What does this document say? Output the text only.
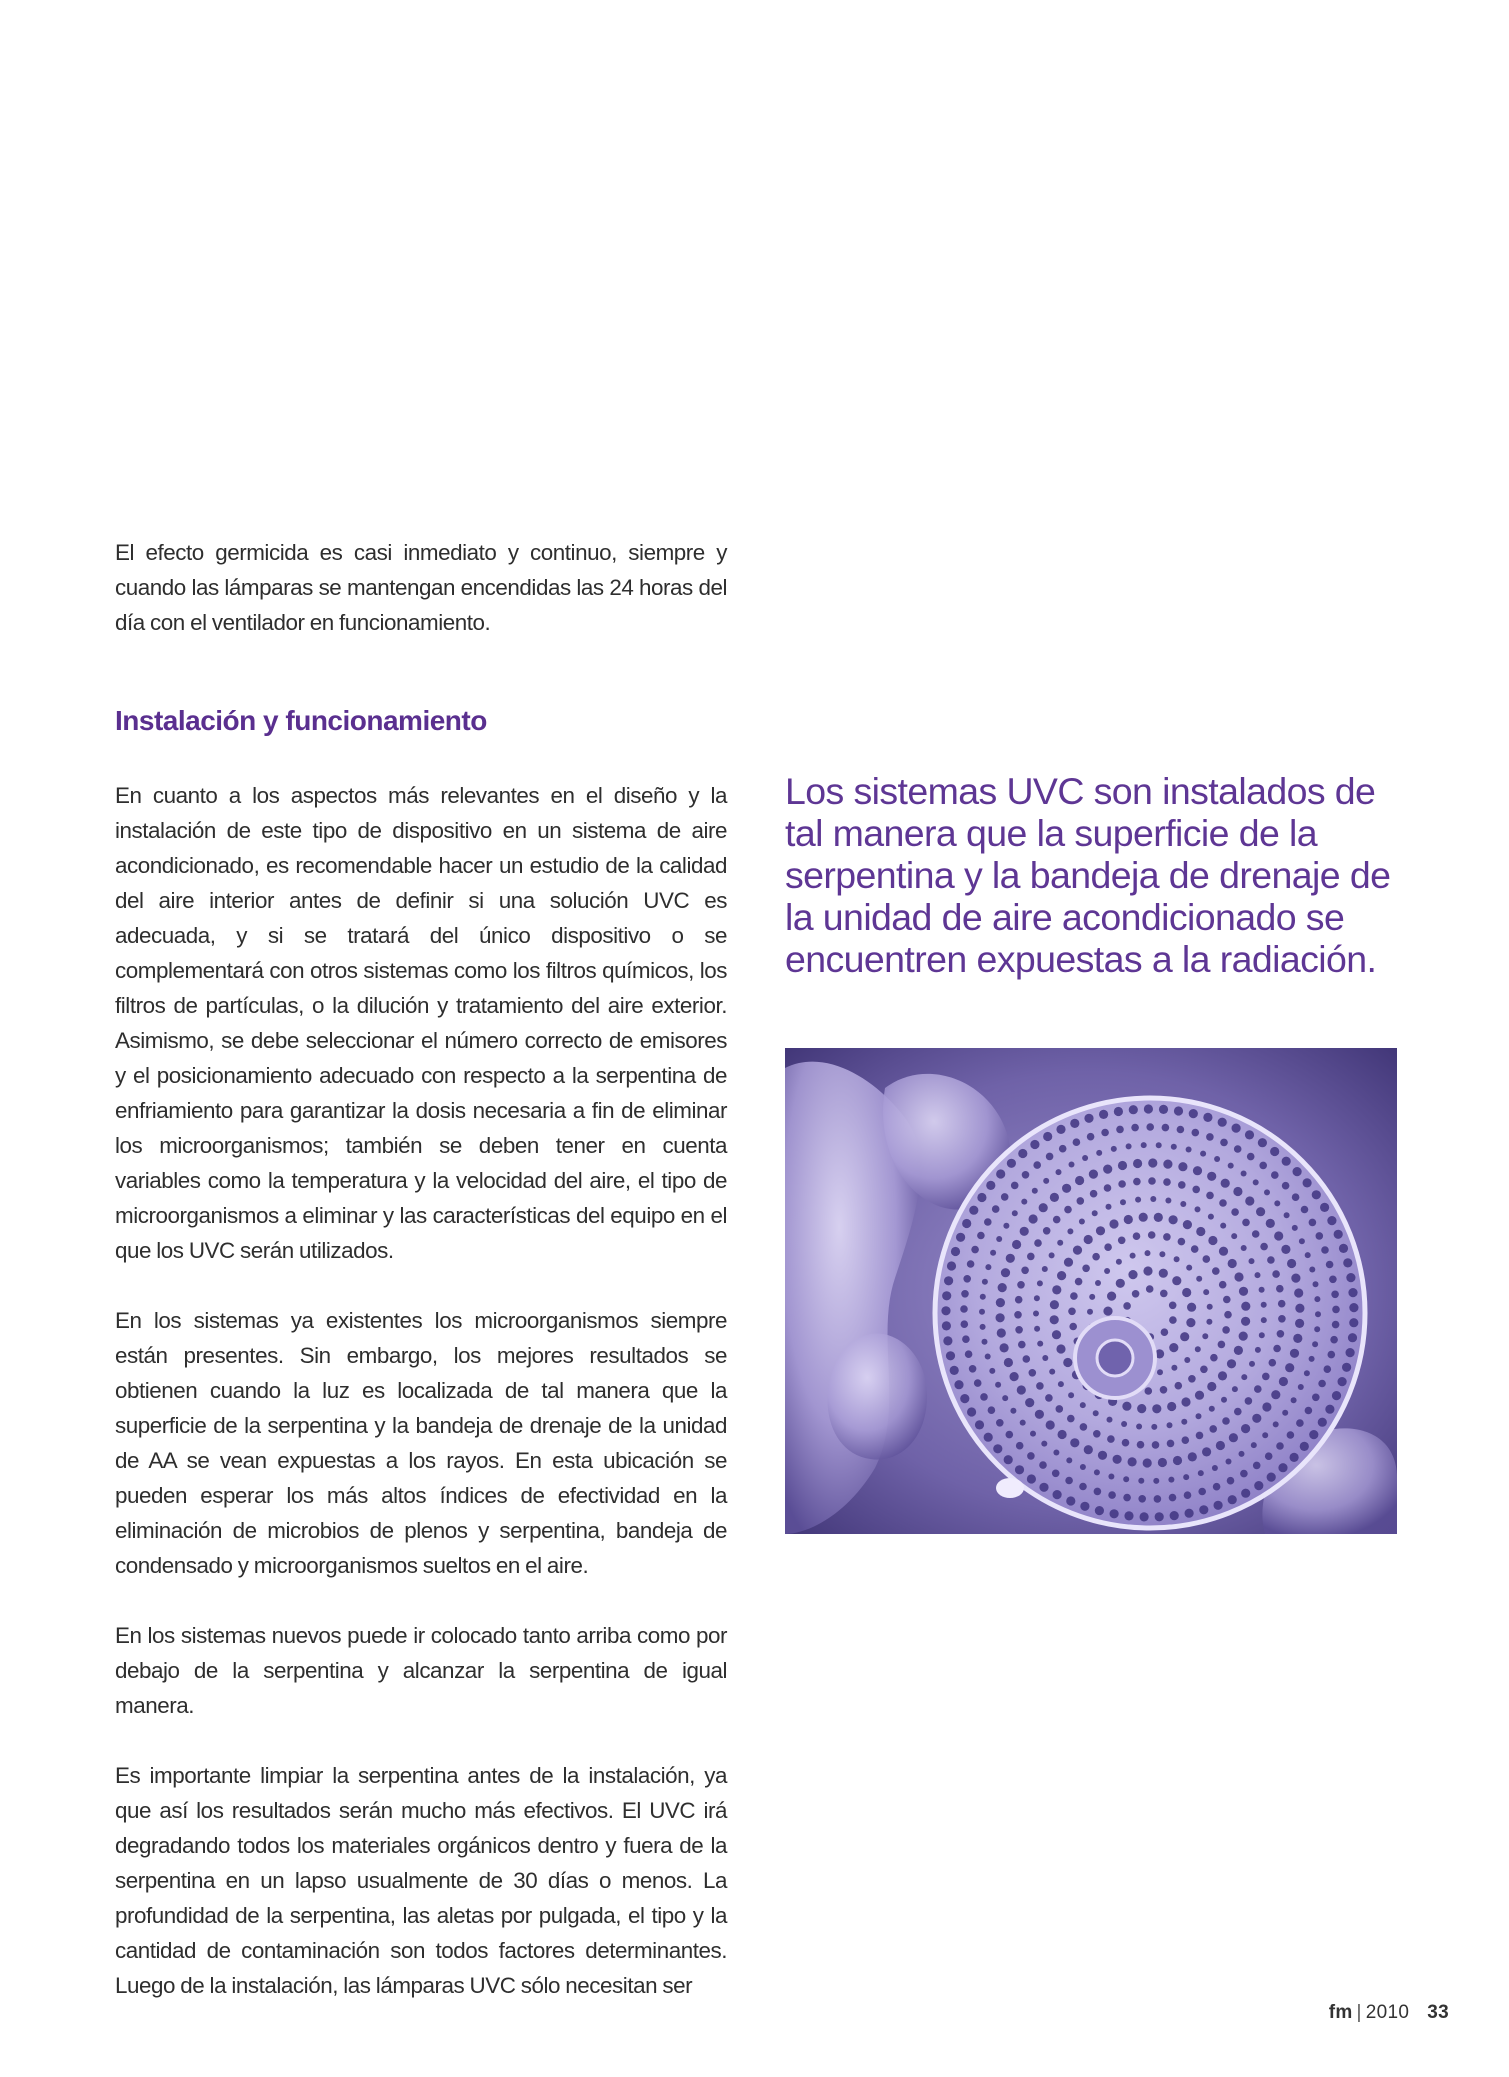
El efecto germicida es casi inmediato y continuo, siempre y cuando las lámparas se mantengan encendidas las 24 horas del día con el ventilador en funcionamiento.

Instalación y funcionamiento

En cuanto a los aspectos más relevantes en el diseño y la instalación de este tipo de dispositivo en un sistema de aire acondicionado, es recomendable hacer un estudio de la calidad del aire interior antes de definir si una solución UVC es adecuada, y si se tratará del único dispositivo o se complementará con otros sistemas como los filtros químicos, los filtros de partículas, o la dilución y tratamiento del aire exterior. Asimismo, se debe seleccionar el número correcto de emisores y el posicionamiento adecuado con respecto a la serpentina de enfriamiento para garantizar la dosis necesaria a fin de eliminar los microorganismos; también se deben tener en cuenta variables como la temperatura y la velocidad del aire, el tipo de microorganismos a eliminar y las características del equipo en el que los UVC serán utilizados.

En los sistemas ya existentes los microorganismos siempre están presentes. Sin embargo, los mejores resultados se obtienen cuando la luz es localizada de tal manera que la superficie de la serpentina y la bandeja de drenaje de la unidad de AA se vean expuestas a los rayos. En esta ubicación se pueden esperar los más altos índices de efectividad en la eliminación de microbios de plenos y serpentina, bandeja de condensado y microorganismos sueltos en el aire.

En los sistemas nuevos puede ir colocado tanto arriba como por debajo de la serpentina y alcanzar la serpentina de igual manera.

Es importante limpiar la serpentina antes de la instalación, ya que así los resultados serán mucho más efectivos. El UVC irá degradando todos los materiales orgánicos dentro y fuera de la serpentina en un lapso usualmente de 30 días o menos. La profundidad de la serpentina, las aletas por pulgada, el tipo y la cantidad de contaminación son todos factores determinantes. Luego de la instalación, las lámparas UVC sólo necesitan ser

Los sistemas UVC son instalados de tal manera que la superficie de la serpentina y la bandeja de drenaje de la unidad de aire acondicionado se encuentren expuestas a la radiación.

fm | 2010 33
